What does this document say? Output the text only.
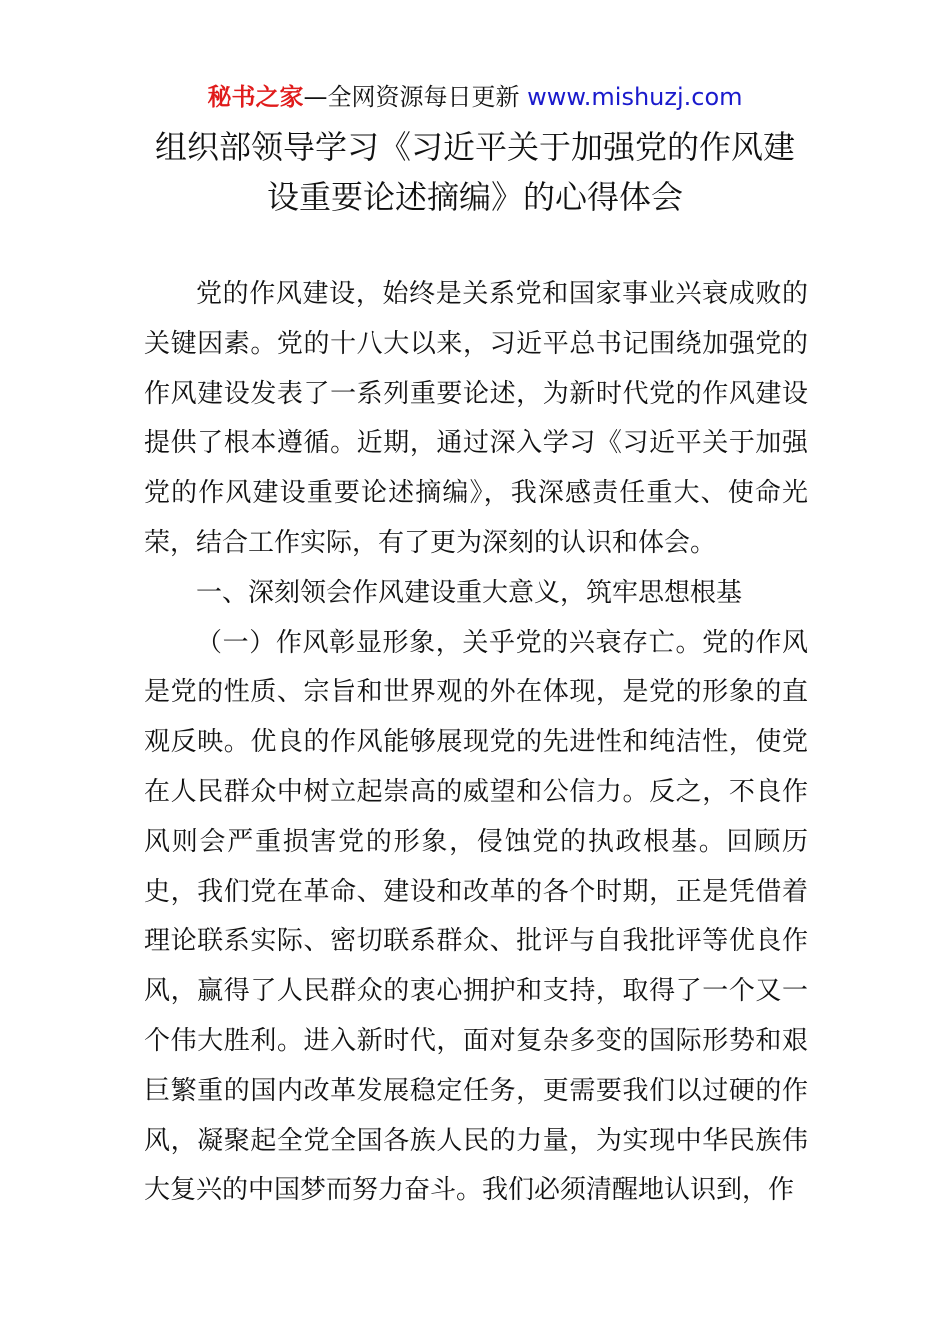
秘书之家—全网资源每日更新 www.mishuzj.com
组织部领导学习《习近平关于加强党的作风建
设重要论述摘编》的心得体会

党的作风建设，始终是关系党和国家事业兴衰成败的关键因素。党的十八大以来，习近平总书记围绕加强党的作风建设发表了一系列重要论述，为新时代党的作风建设提供了根本遵循。近期，通过深入学习《习近平关于加强党的作风建设重要论述摘编》，我深感责任重大、使命光荣，结合工作实际，有了更为深刻的认识和体会。

一、深刻领会作风建设重大意义，筑牢思想根基

（一）作风彰显形象，关乎党的兴衰存亡。党的作风是党的性质、宗旨和世界观的外在体现，是党的形象的直观反映。优良的作风能够展现党的先进性和纯洁性，使党在人民群众中树立起崇高的威望和公信力。反之，不良作风则会严重损害党的形象，侵蚀党的执政根基。回顾历史，我们党在革命、建设和改革的各个时期，正是凭借着理论联系实际、密切联系群众、批评与自我批评等优良作风，赢得了人民群众的衷心拥护和支持，取得了一个又一个伟大胜利。进入新时代，面对复杂多变的国际形势和艰巨繁重的国内改革发展稳定任务，更需要我们以过硬的作风，凝聚起全党全国各族人民的力量，为实现中华民族伟大复兴的中国梦而努力奋斗。我们必须清醒地认识到，作
